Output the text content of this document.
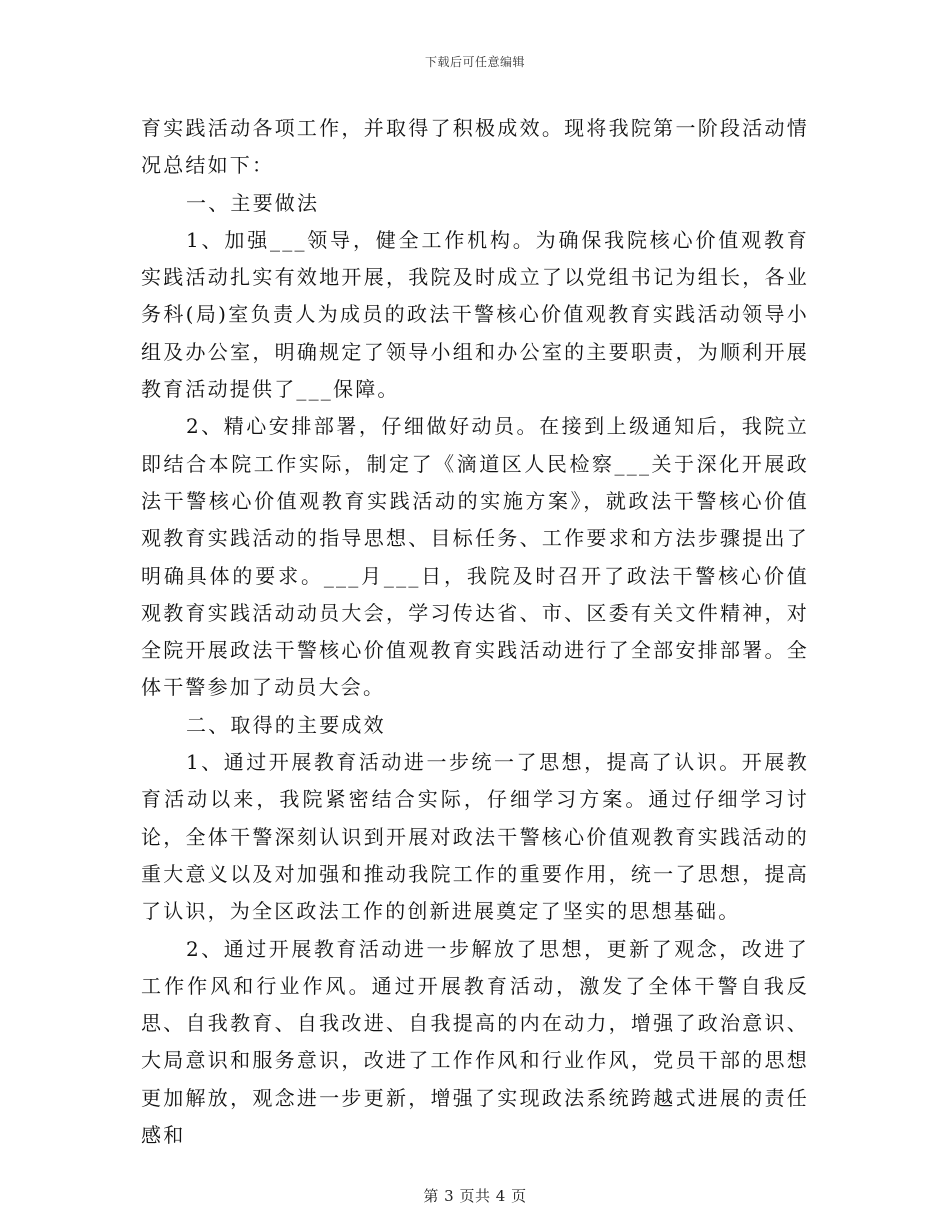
下载后可任意编辑

育实践活动各项工作，并取得了积极成效。现将我院第一阶段活动情况总结如下：

一、主要做法

1、加强___领导，健全工作机构。为确保我院核心价值观教育实践活动扎实有效地开展，我院及时成立了以党组书记为组长，各业务科(局)室负责人为成员的政法干警核心价值观教育实践活动领导小组及办公室，明确规定了领导小组和办公室的主要职责，为顺利开展教育活动提供了___保障。

2、精心安排部署，仔细做好动员。在接到上级通知后，我院立即结合本院工作实际，制定了《滴道区人民检察___关于深化开展政法干警核心价值观教育实践活动的实施方案》，就政法干警核心价值观教育实践活动的指导思想、目标任务、工作要求和方法步骤提出了明确具体的要求。___月___日，我院及时召开了政法干警核心价值观教育实践活动动员大会，学习传达省、市、区委有关文件精神，对全院开展政法干警核心价值观教育实践活动进行了全部安排部署。全体干警参加了动员大会。

二、取得的主要成效

1、通过开展教育活动进一步统一了思想，提高了认识。开展教育活动以来，我院紧密结合实际，仔细学习方案。通过仔细学习讨论，全体干警深刻认识到开展对政法干警核心价值观教育实践活动的重大意义以及对加强和推动我院工作的重要作用，统一了思想，提高了认识，为全区政法工作的创新进展奠定了坚实的思想基础。

2、通过开展教育活动进一步解放了思想，更新了观念，改进了工作作风和行业作风。通过开展教育活动，激发了全体干警自我反思、自我教育、自我改进、自我提高的内在动力，增强了政治意识、大局意识和服务意识，改进了工作作风和行业作风，党员干部的思想更加解放，观念进一步更新，增强了实现政法系统跨越式进展的责任感和

第 3 页共 4 页
